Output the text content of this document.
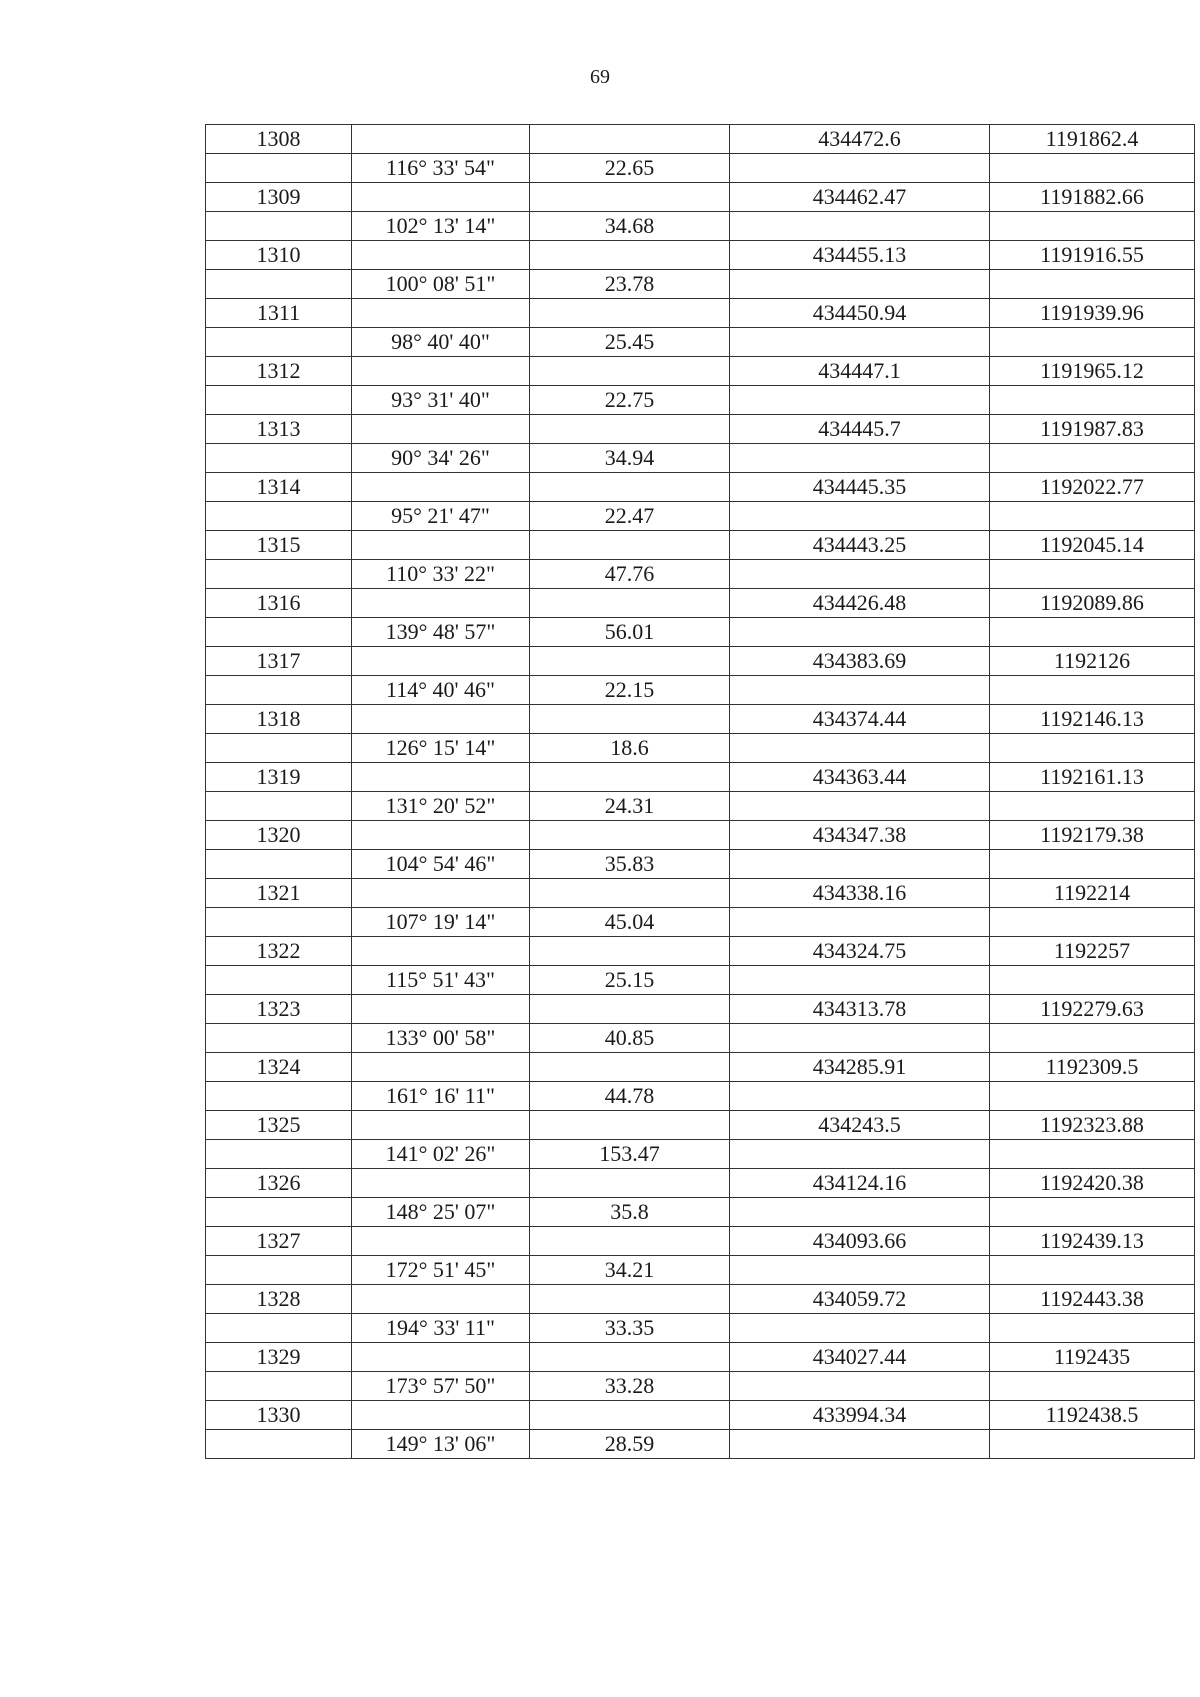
69
1308			434472.6	1191862.4
	116° 33' 54"	22.65		
1309			434462.47	1191882.66
	102° 13' 14"	34.68		
1310			434455.13	1191916.55
	100° 08' 51"	23.78		
1311			434450.94	1191939.96
	98° 40' 40"	25.45		
1312			434447.1	1191965.12
	93° 31' 40"	22.75		
1313			434445.7	1191987.83
	90° 34' 26"	34.94		
1314			434445.35	1192022.77
	95° 21' 47"	22.47		
1315			434443.25	1192045.14
	110° 33' 22"	47.76		
1316			434426.48	1192089.86
	139° 48' 57"	56.01		
1317			434383.69	1192126
	114° 40' 46"	22.15		
1318			434374.44	1192146.13
	126° 15' 14"	18.6		
1319			434363.44	1192161.13
	131° 20' 52"	24.31		
1320			434347.38	1192179.38
	104° 54' 46"	35.83		
1321			434338.16	1192214
	107° 19' 14"	45.04		
1322			434324.75	1192257
	115° 51' 43"	25.15		
1323			434313.78	1192279.63
	133° 00' 58"	40.85		
1324			434285.91	1192309.5
	161° 16' 11"	44.78		
1325			434243.5	1192323.88
	141° 02' 26"	153.47		
1326			434124.16	1192420.38
	148° 25' 07"	35.8		
1327			434093.66	1192439.13
	172° 51' 45"	34.21		
1328			434059.72	1192443.38
	194° 33' 11"	33.35		
1329			434027.44	1192435
	173° 57' 50"	33.28		
1330			433994.34	1192438.5
	149° 13' 06"	28.59		
